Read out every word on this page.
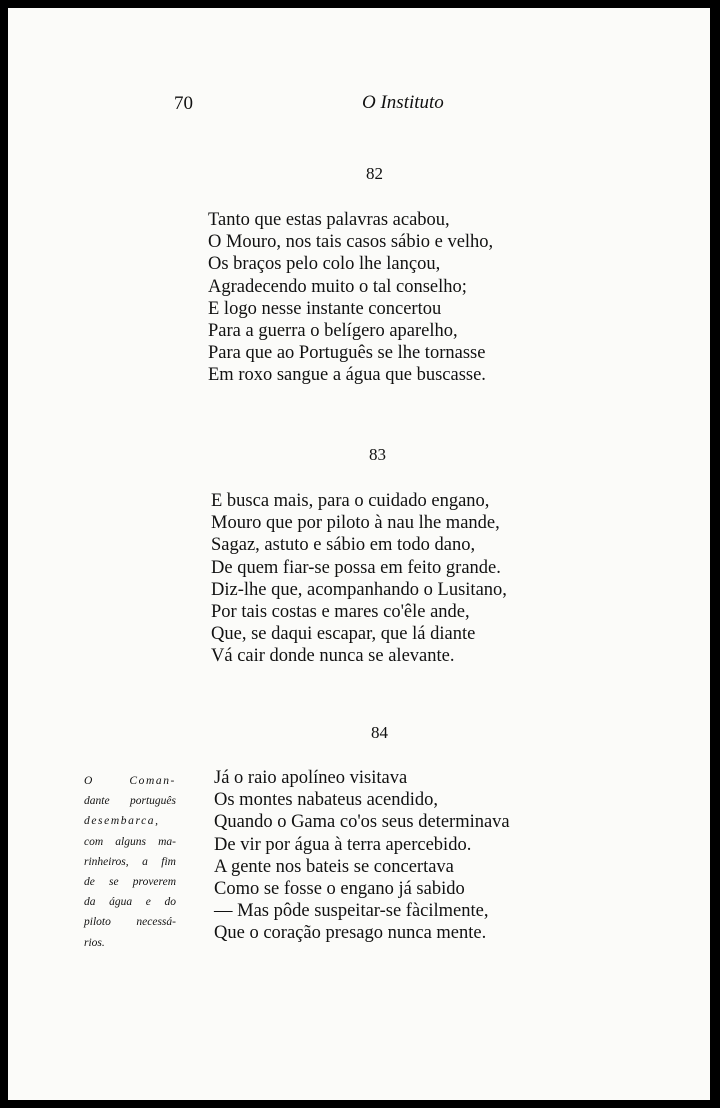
70	O Instituto
82
Tanto que estas palavras acabou,
O Mouro, nos tais casos sábio e velho,
Os braços pelo colo lhe lançou,
Agradecendo muito o tal conselho;
E logo nesse instante concertou
Para a guerra o belígero aparelho,
Para que ao Português se lhe tornasse
Em roxo sangue a água que buscasse.
83
E busca mais, para o cuidado engano,
Mouro que por piloto à nau lhe mande,
Sagaz, astuto e sábio em todo dano,
De quem fiar-se possa em feito grande.
Diz-lhe que, acompanhando o Lusitano,
Por tais costas e mares co'êle ande,
Que, se daqui escapar, que lá diante
Vá cair donde nunca se alevante.
84
Já o raio apolíneo visitava
Os montes nabateus acendido,
Quando o Gama co'os seus determinava
De vir por água à terra apercebido.
A gente nos bateis se concertava
Como se fosse o engano já sabido
— Mas pôde suspeitar-se fàcilmente,
Que o coração presago nunca mente.
O Coman-
dante português
desembarca,
com alguns ma-
rinheiros, a fim
de se proverem
da água e do
piloto necessá-
rios.
